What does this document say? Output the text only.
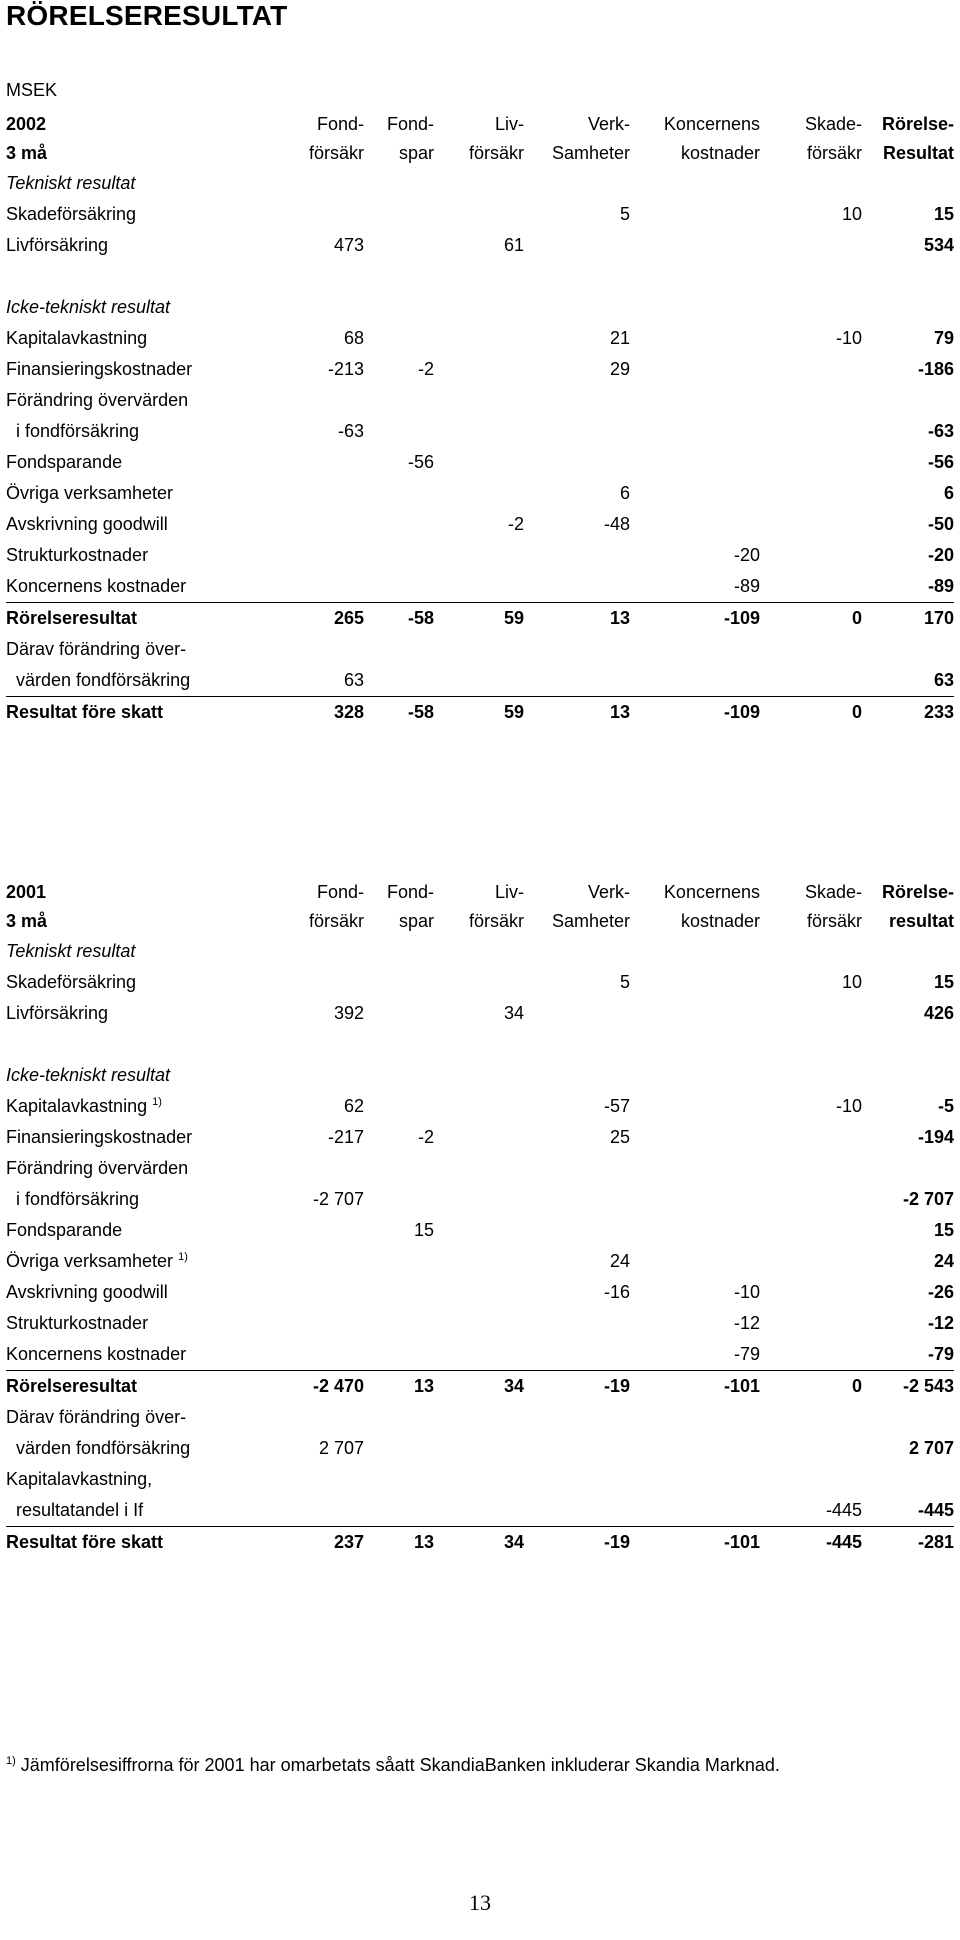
RÖRELSERESULTAT
MSEK
2002	Fond-	Fond-	Liv-	Verk-	Koncernens	Skade-	Rörelse-
3 må	försäkr	spar	försäkr	Samheter	kostnader	försäkr	Resultat
Tekniskt resultat							
Skadeförsäkring				5		10	15
Livförsäkring	473		61				534

Icke-tekniskt resultat							
Kapitalavkastning	68			21		-10	79
Finansieringskostnader	-213	-2		29			-186
Förändring övervärden							
i fondförsäkring	-63						-63
Fondsparande		-56					-56
Övriga verksamheter				6			6
Avskrivning goodwill			-2	-48			-50
Strukturkostnader					-20		-20
Koncernens kostnader					-89		-89
Rörelseresultat	265	-58	59	13	-109	0	170
Därav förändring över-							
värden fondförsäkring	63						63
Resultat före skatt	328	-58	59	13	-109	0	233
2001	Fond-	Fond-	Liv-	Verk-	Koncernens	Skade-	Rörelse-
3 må	försäkr	spar	försäkr	Samheter	kostnader	försäkr	resultat
Tekniskt resultat							
Skadeförsäkring				5		10	15
Livförsäkring	392		34				426

Icke-tekniskt resultat							
Kapitalavkastning $^{1)}$	62			-57		-10	-5
Finansieringskostnader	-217	-2		25			-194
Förändring övervärden							
i fondförsäkring	-2 707						-2 707
Fondsparande		15					15
Övriga verksamheter $^{1)}$				24			24
Avskrivning goodwill				-16	-10		-26
Strukturkostnader					-12		-12
Koncernens kostnader					-79		-79
Rörelseresultat	-2 470	13	34	-19	-101	0	-2 543
Därav förändring över-							
värden fondförsäkring	2 707						2 707
Kapitalavkastning,							
resultatandel i If						-445	-445
Resultat före skatt	237	13	34	-19	-101	-445	-281
$^{1)}$ Jämförelsesiffrorna för 2001 har omarbetats såatt SkandiaBanken inkluderar Skandia Marknad.
13
